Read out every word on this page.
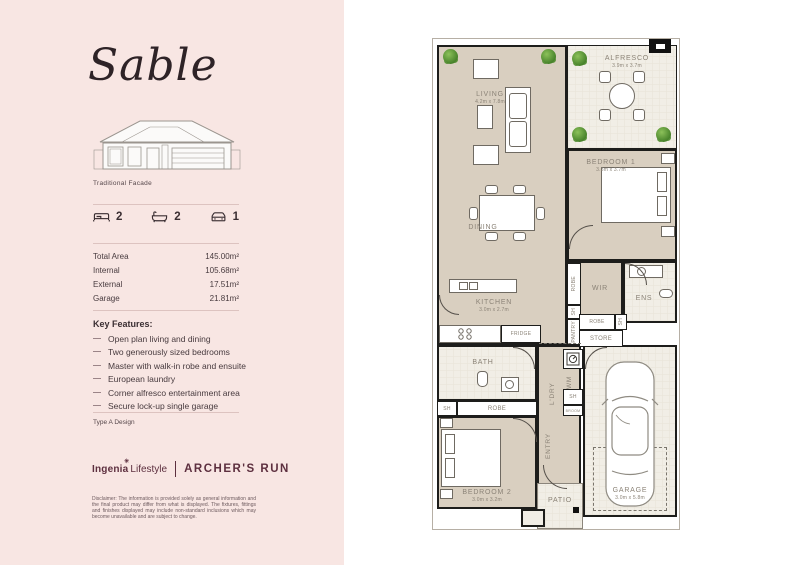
Sable
Traditional Facade
2	2	1
Total Area	145.00m²
Internal	105.68m²
External	17.51m²
Garage	21.81m²
Key Features:
Open plan living and dining
Two generously sized bedrooms
Master with walk-in robe and ensuite
European laundry
Corner alfresco entertainment area
Secure lock-up single garage
Type A Design
Ingenia
✳
Lifestyle ARCHER'S RUN
Disclaimer: The information is provided solely as general information and the final product may differ from what is displayed. The fixtures, fittings and finishes displayed may include non-standard inclusions which may become unavailable and are subject to change.
ROBE
SH
PANTRY ROBE	SH
STORE
SH	ROBE
WM
SH
BROOM
FRIDGE
LIVING
4.2m x 7.8m
ALFRESCO
3.9m x 3.7m
BEDROOM 1
3.3m x 3.7m
DINING
KITCHEN
3.0m x 2.7m
WIR
ENS
BATH
L'DRY
ENTRY
BEDROOM 2
3.0m x 3.2m	PATIO
GARAGE
3.0m x 5.8m
